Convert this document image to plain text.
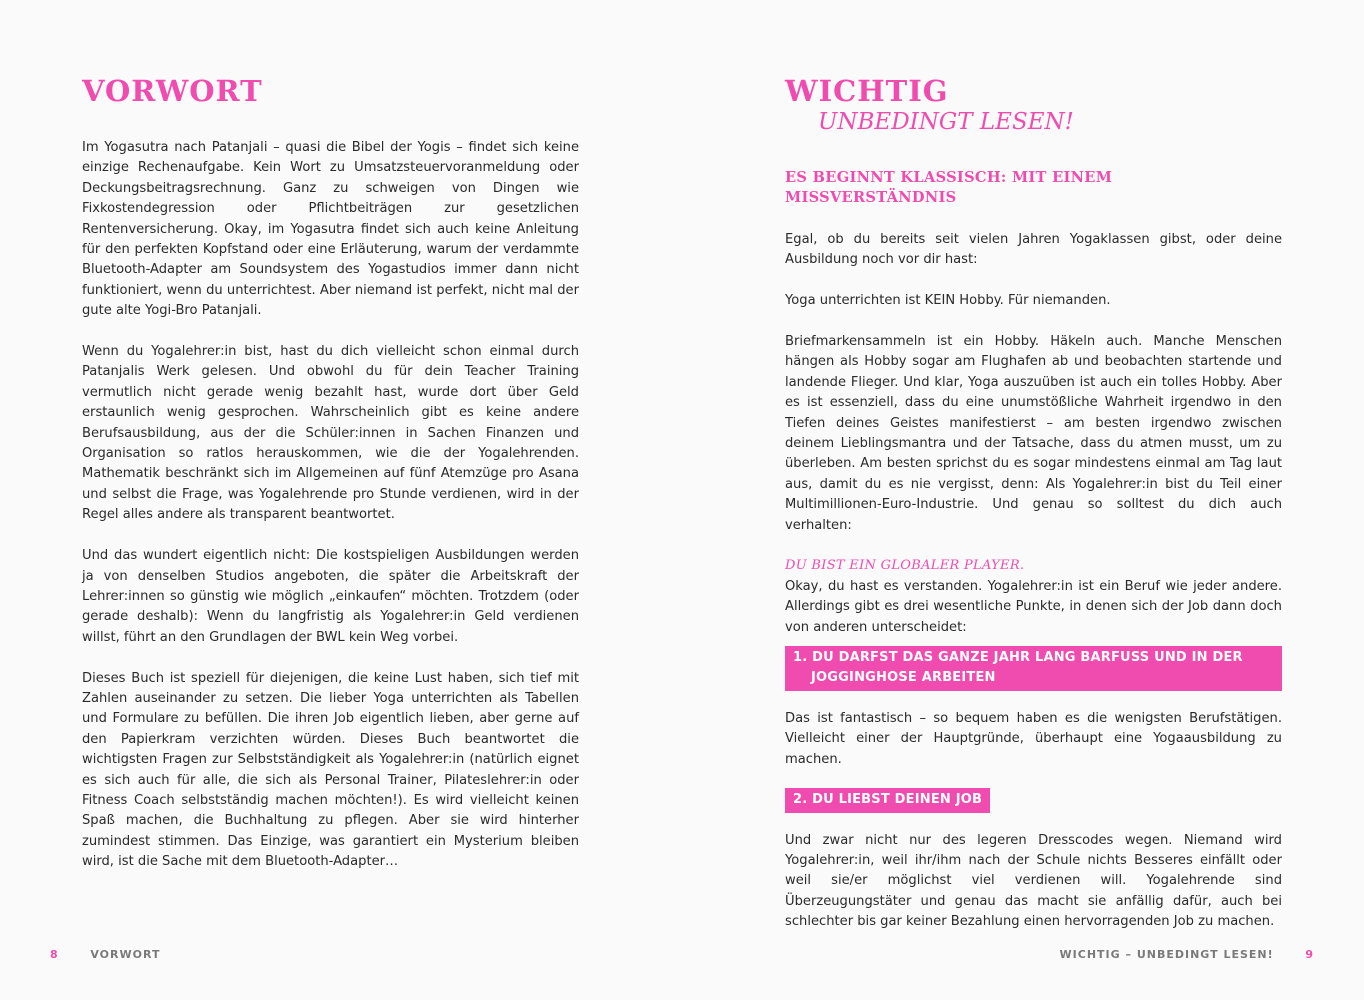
VORWORT

Im Yogasutra nach Patanjali – quasi die Bibel der Yogis – findet sich keine einzige Rechenaufgabe. Kein Wort zu Umsatzsteuervoranmeldung oder Deckungsbeitragsrechnung. Ganz zu schweigen von Dingen wie Fixkostendegression oder Pflichtbeiträgen zur gesetzlichen Rentenversicherung. Okay, im Yogasutra findet sich auch keine Anleitung für den perfekten Kopfstand oder eine Erläuterung, warum der verdammte Bluetooth-Adapter am Soundsystem des Yogastudios immer dann nicht funktioniert, wenn du unterrichtest. Aber niemand ist perfekt, nicht mal der gute alte Yogi-Bro Patanjali.

Wenn du Yogalehrer:in bist, hast du dich vielleicht schon einmal durch Patanjalis Werk gelesen. Und obwohl du für dein Teacher Training vermutlich nicht gerade wenig bezahlt hast, wurde dort über Geld erstaunlich wenig gesprochen. Wahrscheinlich gibt es keine andere Berufsausbildung, aus der die Schüler:innen in Sachen Finanzen und Organisation so ratlos herauskommen, wie die der Yogalehrenden. Mathematik beschränkt sich im Allgemeinen auf fünf Atemzüge pro Asana und selbst die Frage, was Yogalehrende pro Stunde verdienen, wird in der Regel alles andere als transparent beantwortet.

Und das wundert eigentlich nicht: Die kostspieligen Ausbildungen werden ja von denselben Studios angeboten, die später die Arbeitskraft der Lehrer:innen so günstig wie möglich „einkaufen“ möchten. Trotzdem (oder gerade deshalb): Wenn du langfristig als Yogalehrer:in Geld verdienen willst, führt an den Grundlagen der BWL kein Weg vorbei.

Dieses Buch ist speziell für diejenigen, die keine Lust haben, sich tief mit Zahlen auseinander zu setzen. Die lieber Yoga unterrichten als Tabellen und Formulare zu befüllen. Die ihren Job eigentlich lieben, aber gerne auf den Papierkram verzichten würden. Dieses Buch beantwortet die wichtigsten Fragen zur Selbstständigkeit als Yogalehrer:in (natürlich eignet es sich auch für alle, die sich als Personal Trainer, Pilateslehrer:in oder Fitness Coach selbstständig machen möchten!). Es wird vielleicht keinen Spaß machen, die Buchhaltung zu pflegen. Aber sie wird hinterher zumindest stimmen. Das Einzige, was garantiert ein Mysterium bleiben wird, ist die Sache mit dem Bluetooth-Adapter…

8	VORWORT
WICHTIG

UNBEDINGT LESEN!

ES BEGINNT KLASSISCH: MIT EINEM MISSVERSTÄNDNIS

Egal, ob du bereits seit vielen Jahren Yogaklassen gibst, oder deine Ausbildung noch vor dir hast:

Yoga unterrichten ist KEIN Hobby. Für niemanden.

Briefmarkensammeln ist ein Hobby. Häkeln auch. Manche Menschen hängen als Hobby sogar am Flughafen ab und beobachten startende und landende Flieger. Und klar, Yoga auszuüben ist auch ein tolles Hobby. Aber es ist essenziell, dass du eine unumstößliche Wahrheit irgendwo in den Tiefen deines Geistes manifestierst – am besten irgendwo zwischen deinem Lieblingsmantra und der Tatsache, dass du atmen musst, um zu überleben. Am besten sprichst du es sogar mindestens einmal am Tag laut aus, damit du es nie vergisst, denn: Als Yogalehrer:in bist du Teil einer Multimillionen-Euro-Industrie. Und genau so solltest du dich auch verhalten:

DU BIST EIN GLOBALER PLAYER.

Okay, du hast es verstanden. Yogalehrer:in ist ein Beruf wie jeder andere. Allerdings gibt es drei wesentliche Punkte, in denen sich der Job dann doch von anderen unterscheidet:

1. DU DARFST DAS GANZE JAHR LANG BARFUSS UND IN DER JOGGINGHOSE ARBEITEN

Das ist fantastisch – so bequem haben es die wenigsten Berufstätigen. Vielleicht einer der Hauptgründe, überhaupt eine Yogaausbildung zu machen.

2. DU LIEBST DEINEN JOB

Und zwar nicht nur des legeren Dresscodes wegen. Niemand wird Yogalehrer:in, weil ihr/ihm nach der Schule nichts Besseres einfällt oder weil sie/er möglichst viel verdienen will. Yogalehrende sind Überzeugungstäter und genau das macht sie anfällig dafür, auch bei schlechter bis gar keiner Bezahlung einen hervorragenden Job zu machen.

WICHTIG – UNBEDINGT LESEN!	9
